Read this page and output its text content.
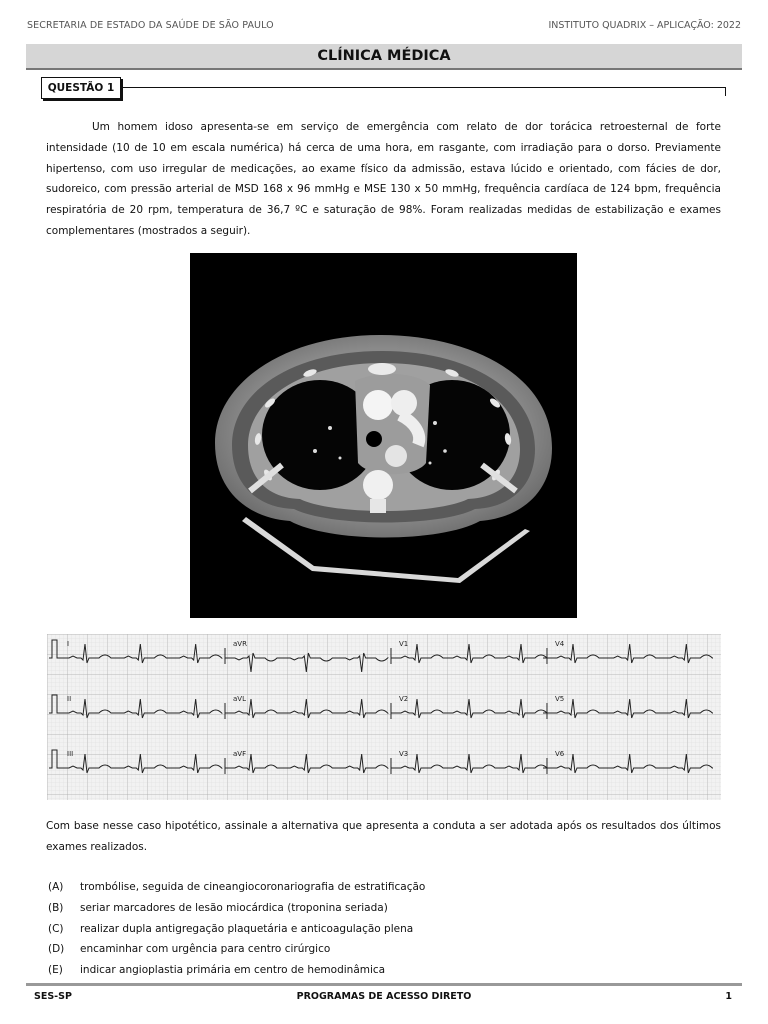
SECRETARIA DE ESTADO DA SAÚDE DE SÃO PAULO	INSTITUTO QUADRIX – APLICAÇÃO: 2022
CLÍNICA MÉDICA
QUESTÃO 1

Um homem idoso apresenta-se em serviço de emergência com relato de dor torácica retroesternal de forte intensidade (10 de 10 em escala numérica) há cerca de uma hora, em rasgante, com irradiação para o dorso. Previamente hipertenso, com uso irregular de medicações, ao exame físico da admissão, estava lúcido e orientado, com fácies de dor, sudoreico, com pressão arterial de MSD 168 x 96 mmHg e MSE 130 x 50 mmHg, frequência cardíaca de 124 bpm, frequência respiratória de 20 rpm, temperatura de 36,7 ºC e saturação de 98%. Foram realizadas medidas de estabilização e exames complementares (mostrados a seguir).

I	aVR	V1	V4
II	aVL	V2	V5
III	aVF	V3	V6

Com base nesse caso hipotético, assinale a alternativa que apresenta a conduta a ser adotada após os resultados dos últimos exames realizados.

(A) trombólise, seguida de cineangiocoronariografia de estratificação
(B) seriar marcadores de lesão miocárdica (troponina seriada)
(C) realizar dupla antigregação plaquetária e anticoagulação plena
(D) encaminhar com urgência para centro cirúrgico
(E) indicar angioplastia primária em centro de hemodinâmica
SES-SP	PROGRAMAS DE ACESSO DIRETO	1
